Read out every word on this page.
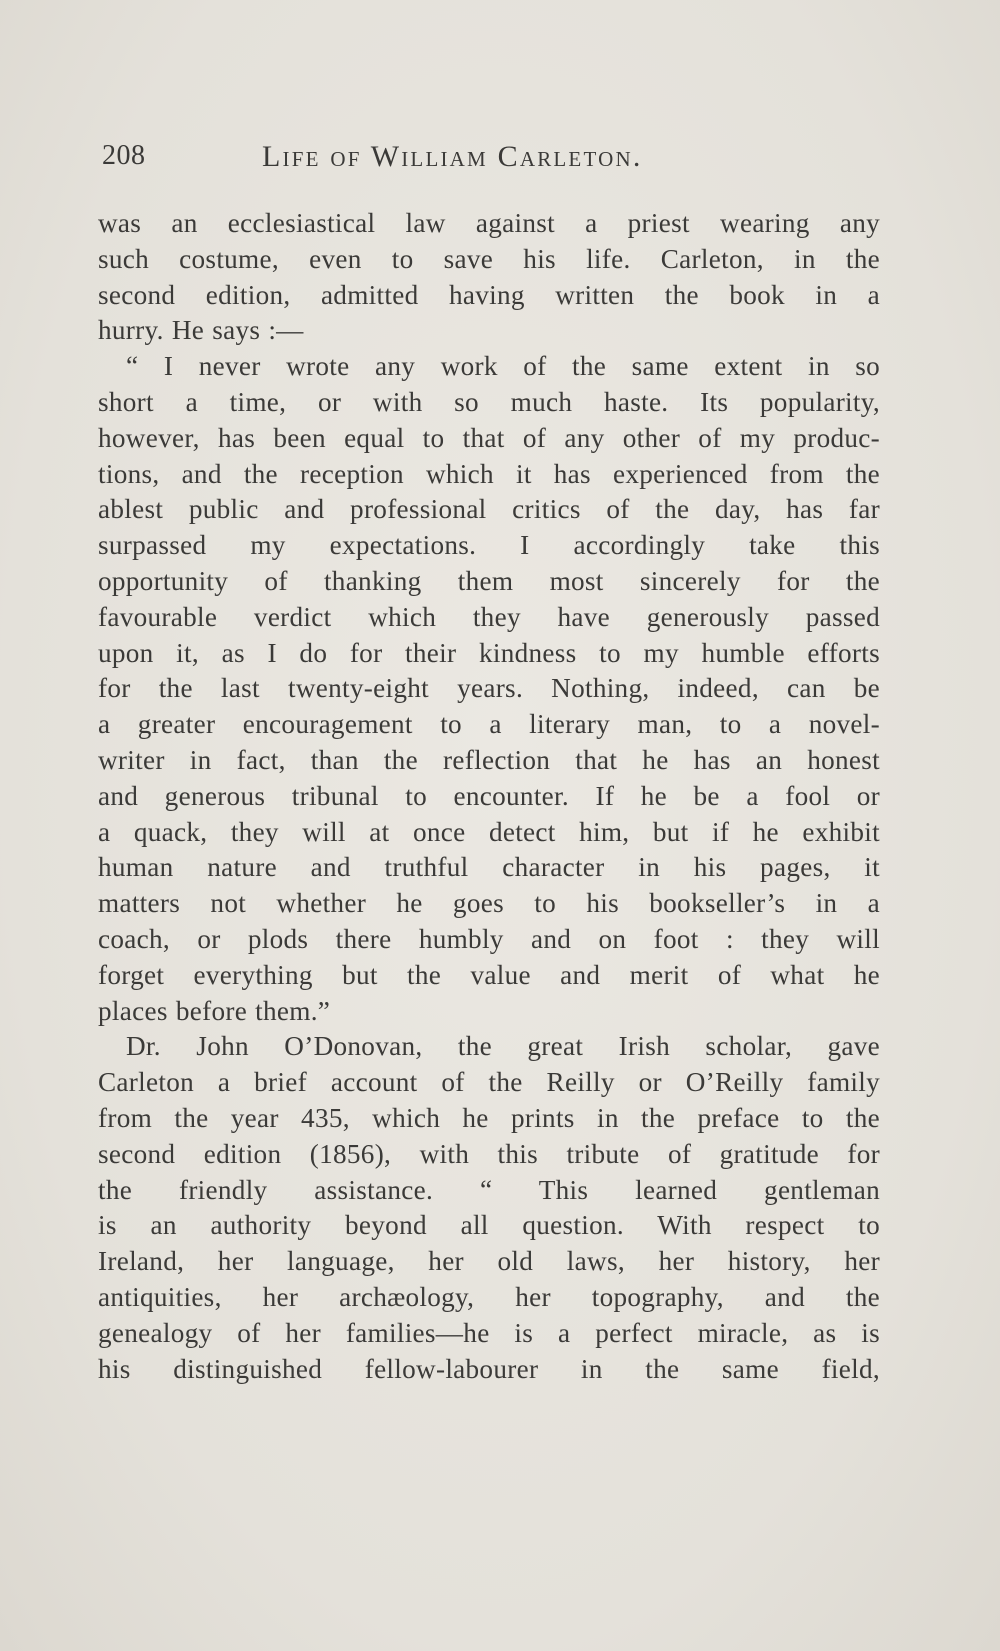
208	Life of William Carleton.
was an ecclesiastical law against a priest wearing any
such costume, even to save his life. Carleton, in the
second edition, admitted having written the book in a
hurry. He says :—
“ I never wrote any work of the same extent in so
short a time, or with so much haste. Its popularity,
however, has been equal to that of any other of my produc-
tions, and the reception which it has experienced from the
ablest public and professional critics of the day, has far
surpassed my expectations. I accordingly take this
opportunity of thanking them most sincerely for the
favourable verdict which they have generously passed
upon it, as I do for their kindness to my humble efforts
for the last twenty-eight years. Nothing, indeed, can be
a greater encouragement to a literary man, to a novel-
writer in fact, than the reflection that he has an honest
and generous tribunal to encounter. If he be a fool or
a quack, they will at once detect him, but if he exhibit
human nature and truthful character in his pages, it
matters not whether he goes to his bookseller’s in a
coach, or plods there humbly and on foot : they will
forget everything but the value and merit of what he
places before them.”
Dr. John O’Donovan, the great Irish scholar, gave
Carleton a brief account of the Reilly or O’Reilly family
from the year 435, which he prints in the preface to the
second edition (1856), with this tribute of gratitude for
the friendly assistance. “ This learned gentleman
is an authority beyond all question. With respect to
Ireland, her language, her old laws, her history, her
antiquities, her archæology, her topography, and the
genealogy of her families—he is a perfect miracle, as is
his distinguished fellow-labourer in the same field,
